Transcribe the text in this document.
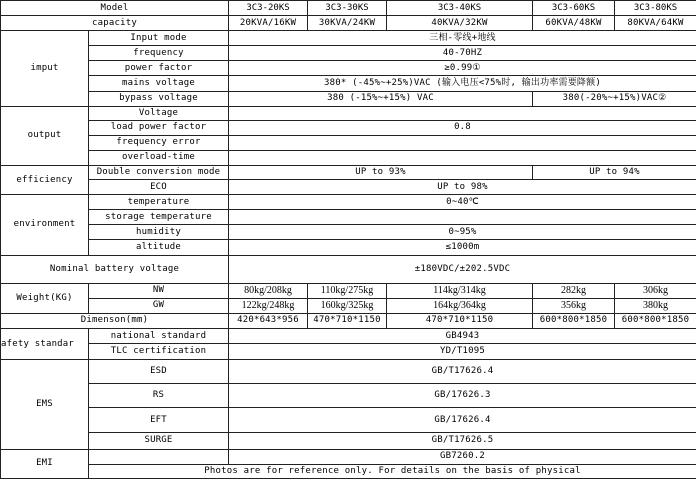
Model		3C3-20KS	3C3-30KS	3C3-40KS	3C3-60KS	3C3-80KS
capacity		20KVA/16KW	30KVA/24KW	40KVA/32KW	60KVA/48KW	80KVA/64KW
imput	Input mode	三相-零线+地线				
	frequency	40-70HZ				
	power factor	≥0.99①				
	mains voltage	380* (-45%~+25%)VAC (输入电压<75%时, 输出功率需要降额)				
	bypass voltage	380 (-15%~+15%) VAC			380(-20%~+15%)VAC②	
output	Voltage					
	load power factor	0.8				
	frequency error					
	overload-time					
efficiency	Double conversion mode	UP to 93%			UP to 94%	
	ECO	UP to 98%				
environment	temperature	0~40℃				
	storage temperature					
	humidity	0~95%				
	altitude	≤1000m				
Nominal battery voltage		±180VDC/±202.5VDC				
Weight(KG)	NW	80kg/208kg	110kg/275kg	114kg/314kg	282kg	306kg
	GW	122kg/248kg	160kg/325kg	164kg/364kg	356kg	380kg
Dimenson(mm)		420*643*956	470*710*1150	470*710*1150	600*800*1850	600*800*1850
afety standar	national standard	GB4943				
	TLC certification	YD/T1095				
EMS	ESD	GB/T17626.4				
	RS	GB/17626.3				
	EFT	GB/17626.4				
	SURGE	GB/T17626.5				
EMI		GB7260.2				
	Photos are for reference only. For details on the basis of physical					
